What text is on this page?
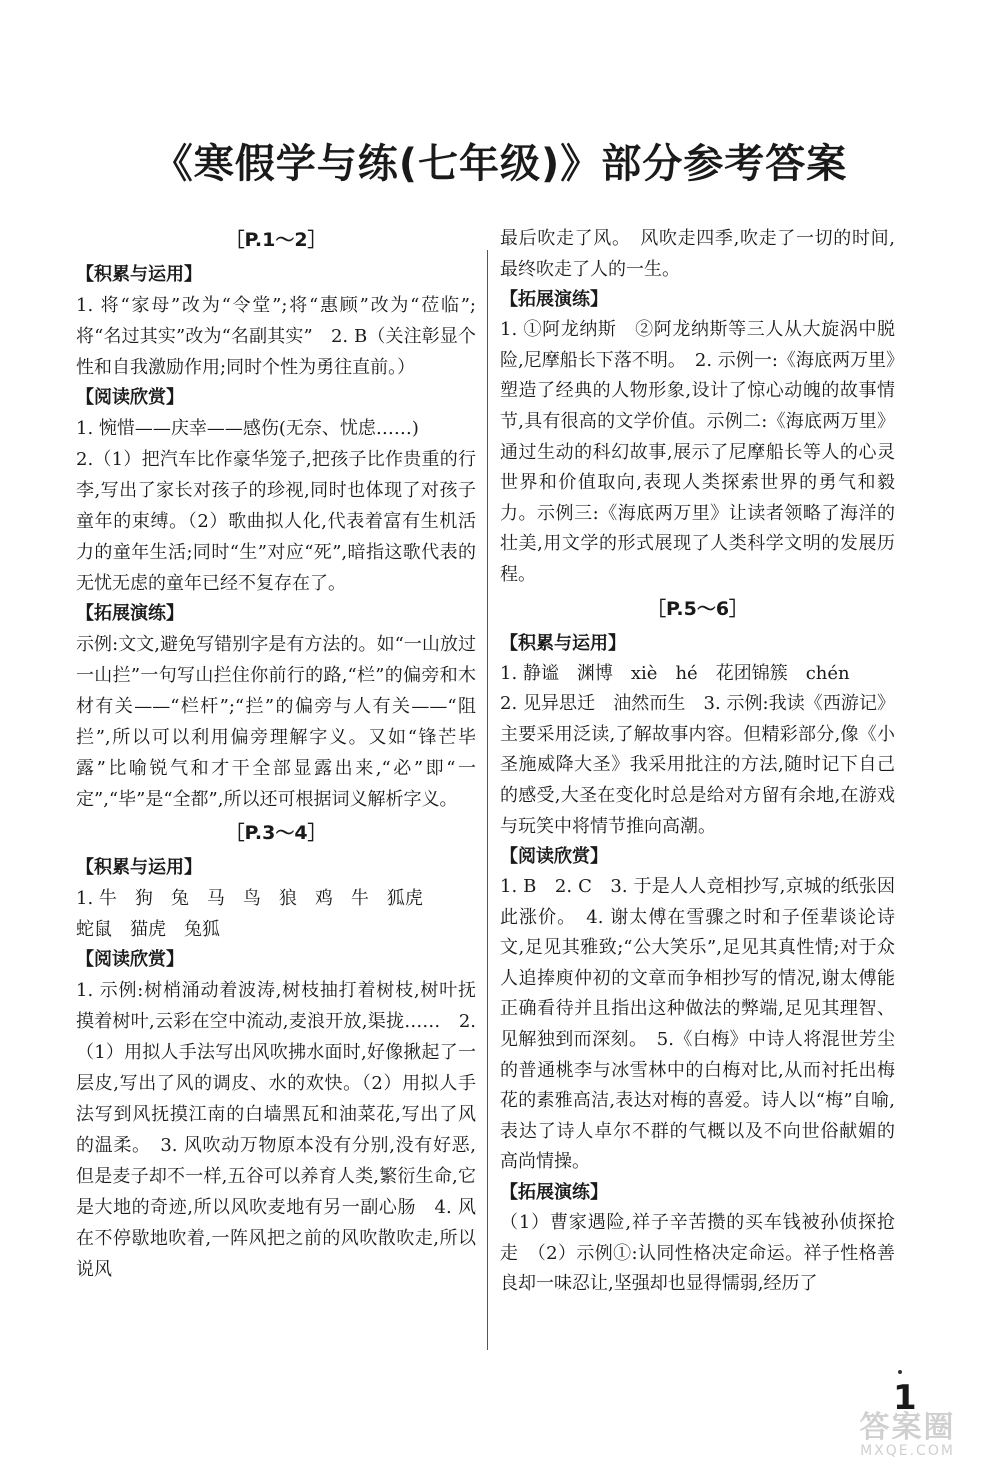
《寒假学与练(七年级)》部分参考答案
［P.1～2］
【积累与运用】

1. 将“家母”改为“令堂”;将“惠顾”改为“莅临”;将“名过其实”改为“名副其实”　2. B（关注彰显个性和自我激励作用;同时个性为勇往直前。）

【阅读欣赏】

1. 惋惜——庆幸——感伤(无奈、忧虑……)

2.（1）把汽车比作豪华笼子,把孩子比作贵重的行李,写出了家长对孩子的珍视,同时也体现了对孩子童年的束缚。（2）歌曲拟人化,代表着富有生机活力的童年生活;同时“生”对应“死”,暗指这歌代表的无忧无虑的童年已经不复存在了。

【拓展演练】

示例:文文,避免写错别字是有方法的。如“一山放过一山拦”一句写山拦住你前行的路,“栏”的偏旁和木材有关——“栏杆”;“拦”的偏旁与人有关——“阻拦”,所以可以利用偏旁理解字义。又如“锋芒毕露”比喻锐气和才干全部显露出来,“必”即“一定”,“毕”是“全都”,所以还可根据词义解析字义。

［P.3～4］
【积累与运用】

1. 牛　狗　兔　马　鸟　狼　鸡　牛　狐虎

蛇鼠　猫虎　兔狐

【阅读欣赏】

1. 示例:树梢涌动着波涛,树枝抽打着树枝,树叶抚摸着树叶,云彩在空中流动,麦浪开放,渠拢……　2.（1）用拟人手法写出风吹拂水面时,好像揪起了一层皮,写出了风的调皮、水的欢快。（2）用拟人手法写到风抚摸江南的白墙黑瓦和油菜花,写出了风的温柔。　3. 风吹动万物原本没有分别,没有好恶,但是麦子却不一样,五谷可以养育人类,繁衍生命,它是大地的奇迹,所以风吹麦地有另一副心肠　4. 风在不停歇地吹着,一阵风把之前的风吹散吹走,所以说风

最后吹走了风。　风吹走四季,吹走了一切的时间,最终吹走了人的一生。

【拓展演练】

1. ①阿龙纳斯　②阿龙纳斯等三人从大旋涡中脱险,尼摩船长下落不明。　2. 示例一:《海底两万里》塑造了经典的人物形象,设计了惊心动魄的故事情节,具有很高的文学价值。示例二:《海底两万里》通过生动的科幻故事,展示了尼摩船长等人的心灵世界和价值取向,表现人类探索世界的勇气和毅力。示例三:《海底两万里》让读者领略了海洋的壮美,用文学的形式展现了人类科学文明的发展历程。

［P.5～6］
【积累与运用】

1. 静谧　渊博　xiè　hé　花团锦簇　chén

2. 见异思迁　油然而生　3. 示例:我读《西游记》主要采用泛读,了解故事内容。但精彩部分,像《小圣施威降大圣》我采用批注的方法,随时记下自己的感受,大圣在变化时总是给对方留有余地,在游戏与玩笑中将情节推向高潮。

【阅读欣赏】

1. B　2. C　3. 于是人人竞相抄写,京城的纸张因此涨价。　4. 谢太傅在雪骤之时和子侄辈谈论诗文,足见其雅致;“公大笑乐”,足见其真性情;对于众人追捧庾仲初的文章而争相抄写的情况,谢太傅能正确看待并且指出这种做法的弊端,足见其理智、见解独到而深刻。　5.《白梅》中诗人将混世芳尘的普通桃李与冰雪林中的白梅对比,从而衬托出梅花的素雅高洁,表达对梅的喜爱。诗人以“梅”自喻,表达了诗人卓尔不群的气概以及不向世俗献媚的高尚情操。

【拓展演练】

（1）曹家遇险,祥子辛苦攒的买车钱被孙侦探抢走　（2）示例①:认同性格决定命运。祥子性格善良却一味忍让,坚强却也显得懦弱,经历了

1
答案圈
MXQE.COM
